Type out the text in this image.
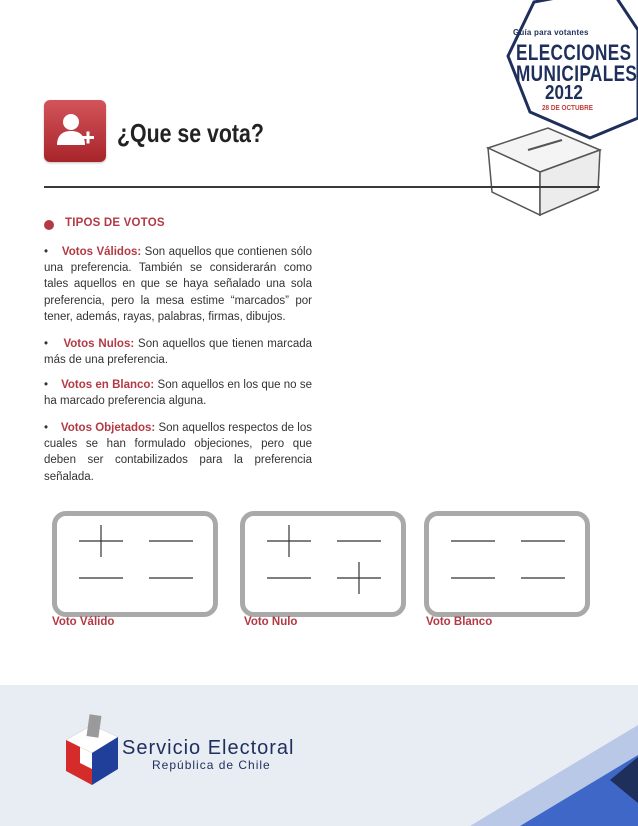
Guía para votantes
ELECCIONES
MUNICIPALES
2012
28 DE OCTUBRE
¿Que se vota?
TIPOS DE VOTOS

• Votos Válidos: Son aquellos que contienen sólo una preferencia. También se considerarán como tales aquellos en que se haya señalado una sola preferencia, pero la mesa estime “marcados” por tener, además, rayas, palabras, firmas, dibujos.

• Votos Nulos: Son aquellos que tienen marcada más de una preferencia.

• Votos en Blanco: Son aquellos en los que no se ha marcado preferencia alguna.

• Votos Objetados: Son aquellos respectos de los cuales se han formulado objeciones, pero que deben ser contabilizados para la preferencia señalada.

Voto Válido	Voto Nulo	Voto Blanco
Servicio Electoral
República de Chile
